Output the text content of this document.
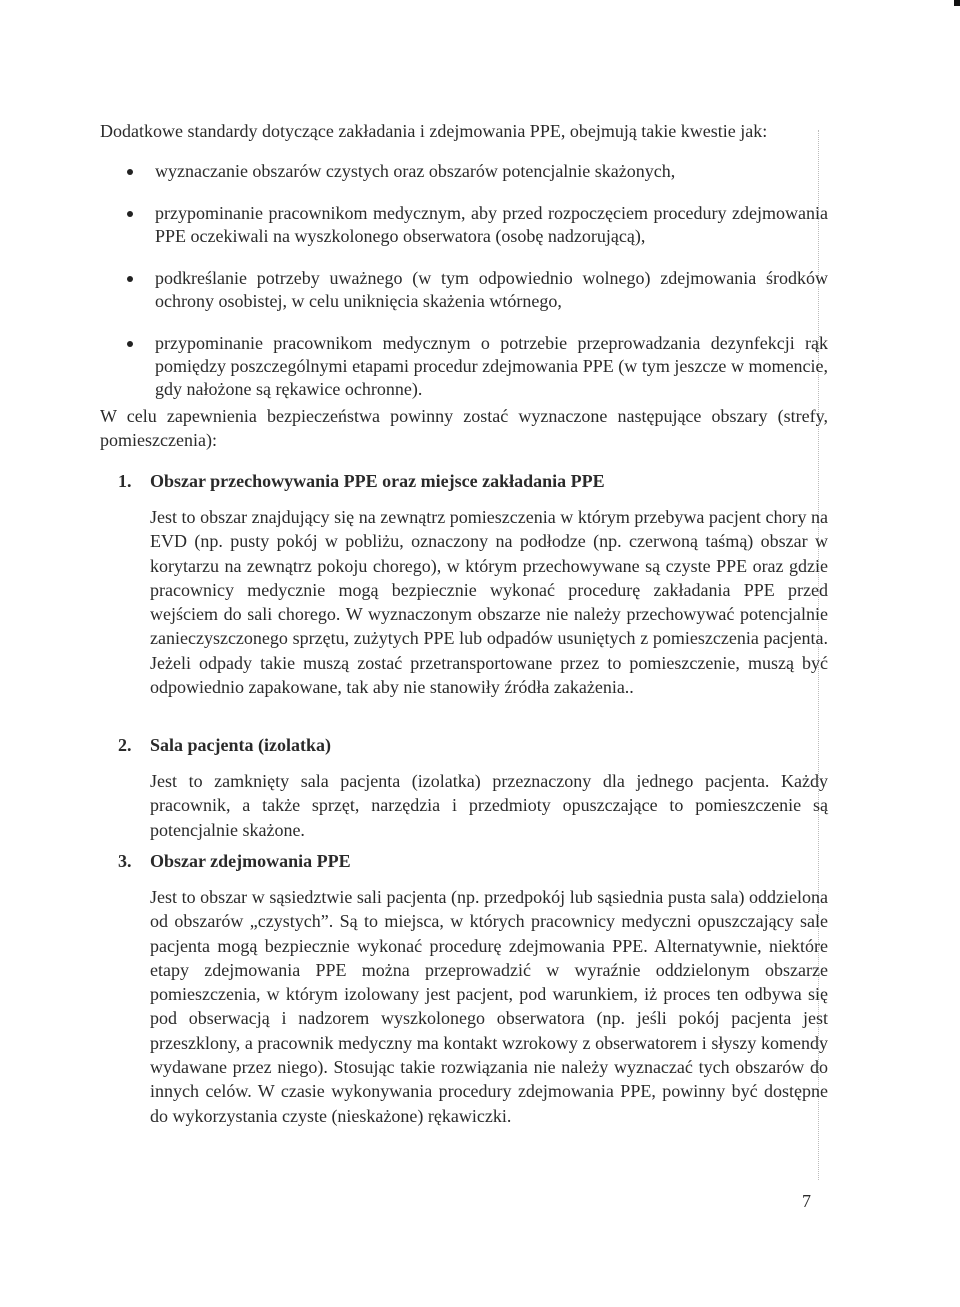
Dodatkowe standardy dotyczące zakładania i zdejmowania PPE, obejmują takie kwestie jak:

wyznaczanie obszarów czystych oraz obszarów potencjalnie skażonych,
przypominanie pracownikom medycznym, aby przed rozpoczęciem procedury zdejmowania PPE oczekiwali na wyszkolonego obserwatora (osobę nadzorującą),
podkreślanie potrzeby uważnego (w tym odpowiednio wolnego) zdejmowania środków ochrony osobistej, w celu uniknięcia skażenia wtórnego,
przypominanie pracownikom medycznym o potrzebie przeprowadzania dezynfekcji rąk pomiędzy poszczególnymi etapami procedur zdejmowania PPE (w tym jeszcze w momencie, gdy nałożone są rękawice ochronne).

W celu zapewnienia bezpieczeństwa powinny zostać wyznaczone następujące obszary (strefy, pomieszczenia):

1. Obszar przechowywania PPE oraz miejsce zakładania PPE

Jest to obszar znajdujący się na zewnątrz pomieszczenia w którym przebywa pacjent chory na EVD (np. pusty pokój w pobliżu, oznaczony na podłodze (np. czerwoną taśmą) obszar w korytarzu na zewnątrz pokoju chorego), w którym przechowywane są czyste PPE oraz gdzie pracownicy medycznie mogą bezpiecznie wykonać procedurę zakładania PPE przed wejściem do sali chorego. W wyznaczonym obszarze nie należy przechowywać potencjalnie zanieczyszczonego sprzętu, zużytych PPE lub odpadów usuniętych z pomieszczenia pacjenta. Jeżeli odpady takie muszą zostać przetransportowane przez to pomieszczenie, muszą być odpowiednio zapakowane, tak aby nie stanowiły źródła zakażenia..

2. Sala pacjenta (izolatka)

Jest to zamknięty sala pacjenta (izolatka) przeznaczony dla jednego pacjenta. Każdy pracownik, a także sprzęt, narzędzia i przedmioty opuszczające to pomieszczenie są potencjalnie skażone.

3. Obszar zdejmowania PPE

Jest to obszar w sąsiedztwie sali pacjenta (np. przedpokój lub sąsiednia pusta sala) oddzielona od obszarów „czystych”. Są to miejsca, w których pracownicy medyczni opuszczający sale pacjenta mogą bezpiecznie wykonać procedurę zdejmowania PPE. Alternatywnie, niektóre etapy zdejmowania PPE można przeprowadzić w wyraźnie oddzielonym obszarze pomieszczenia, w którym izolowany jest pacjent, pod warunkiem, iż proces ten odbywa się pod obserwacją i nadzorem wyszkolonego obserwatora (np. jeśli pokój pacjenta jest przeszklony, a pracownik medyczny ma kontakt wzrokowy z obserwatorem i słyszy komendy wydawane przez niego). Stosując takie rozwiązania nie należy wyznaczać tych obszarów do innych celów. W czasie wykonywania procedury zdejmowania PPE, powinny być dostępne do wykorzystania czyste (nieskażone) rękawiczki.

7
